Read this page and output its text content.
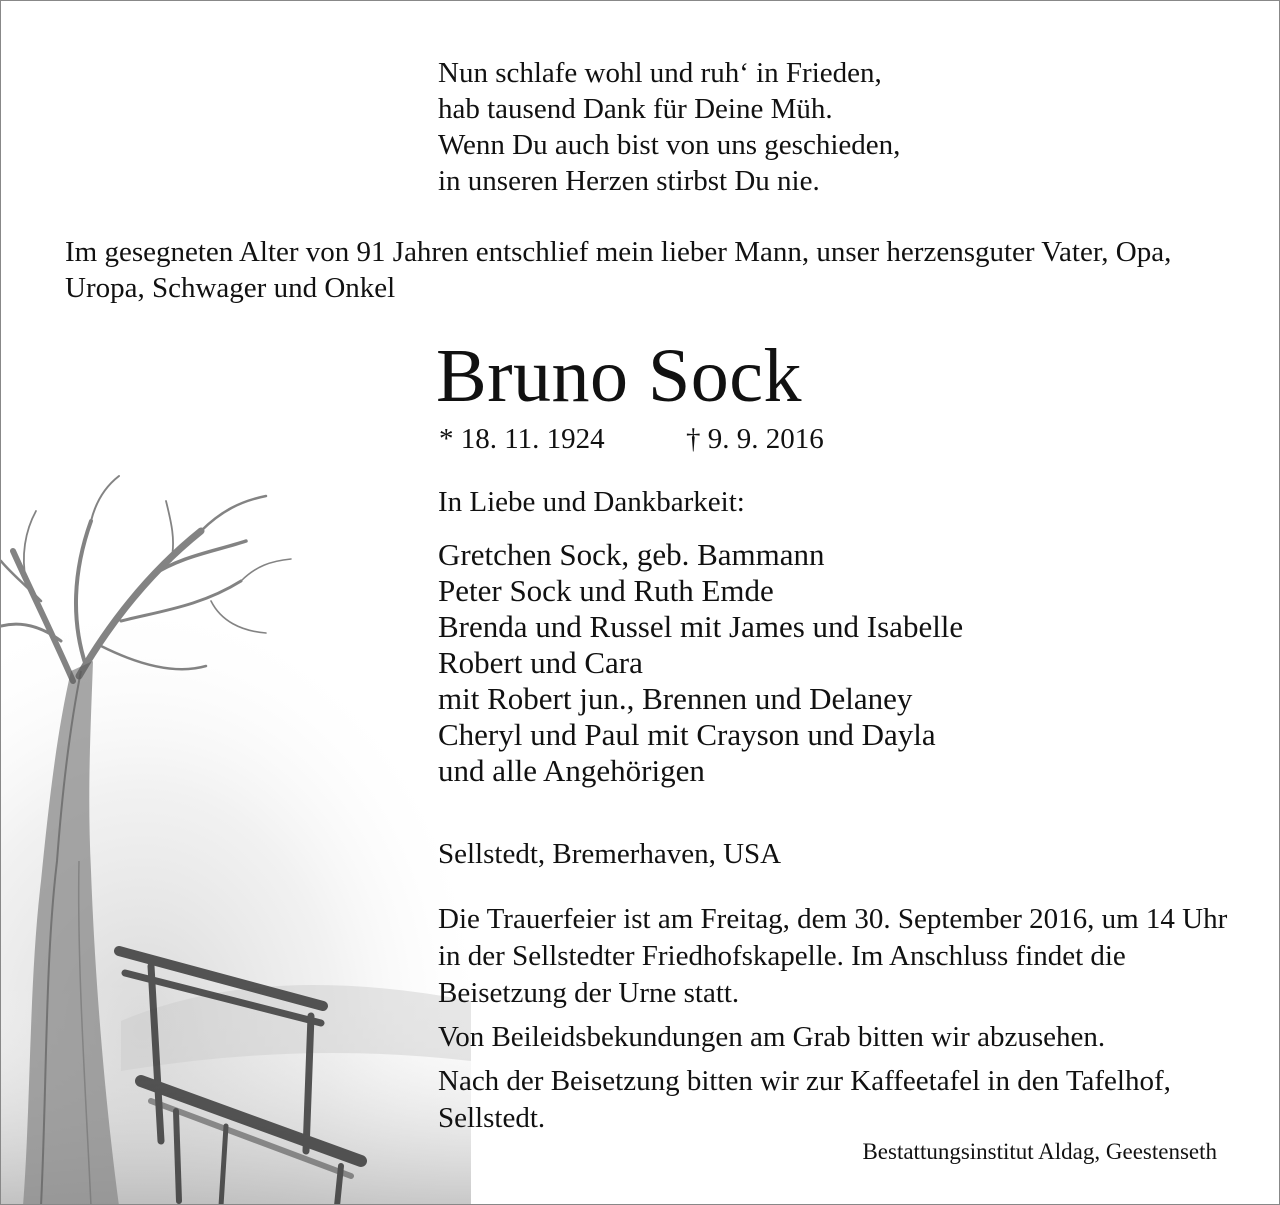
Nun schlafe wohl und ruh‘ in Frieden,
hab tausend Dank für Deine Müh.
Wenn Du auch bist von uns geschieden,
in unseren Herzen stirbst Du nie.
Im gesegneten Alter von 91 Jahren entschlief mein lieber Mann, unser herzensguter Vater, Opa, Uropa, Schwager und Onkel
Bruno Sock
* 18. 11. 1924	† 9. 9. 2016
In Liebe und Dankbarkeit:
Gretchen Sock, geb. Bammann
Peter Sock und Ruth Emde
Brenda und Russel mit James und Isabelle
Robert und Cara
mit Robert jun., Brennen und Delaney
Cheryl und Paul mit Crayson und Dayla
und alle Angehörigen
Sellstedt, Bremerhaven, USA

Die Trauerfeier ist am Freitag, dem 30. September 2016, um 14 Uhr in der Sellstedter Friedhofskapelle. Im Anschluss findet die Beisetzung der Urne statt.

Von Beileidsbekundungen am Grab bitten wir abzusehen.

Nach der Beisetzung bitten wir zur Kaffeetafel in den Tafelhof, Sellstedt.

Bestattungsinstitut Aldag, Geestenseth
